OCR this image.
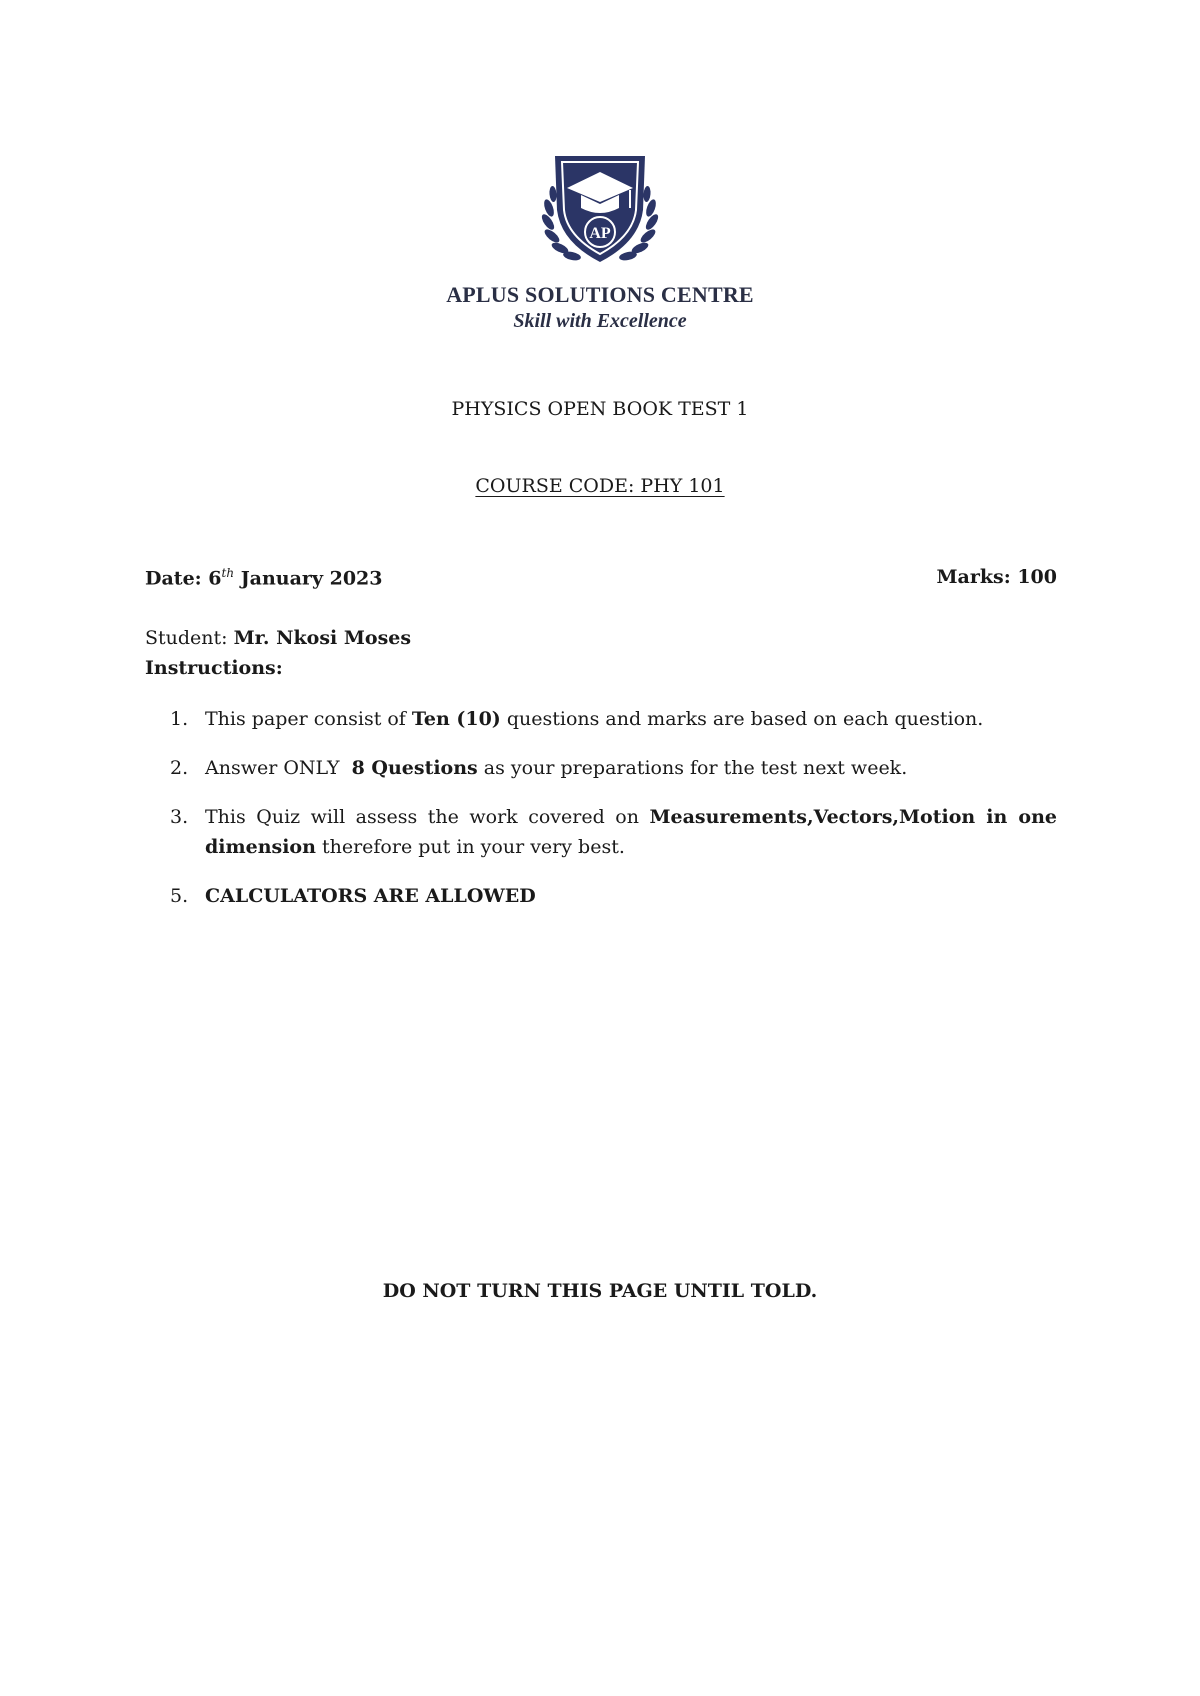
AP
APLUS SOLUTIONS CENTRE
Skill with Excellence
PHYSICS OPEN BOOK TEST 1
COURSE CODE: PHY 101
Date: 6th January 2023	Marks: 100
Student: Mr. Nkosi Moses
Instructions:
1. This paper consist of Ten (10) questions and marks are based on each question.
2. Answer ONLY  8 Questions as your preparations for the test next week.
3. This Quiz will assess the work covered on Measurements,Vectors,Motion in one dimension therefore put in your very best.
5. CALCULATORS ARE ALLOWED
DO NOT TURN THIS PAGE UNTIL TOLD.
